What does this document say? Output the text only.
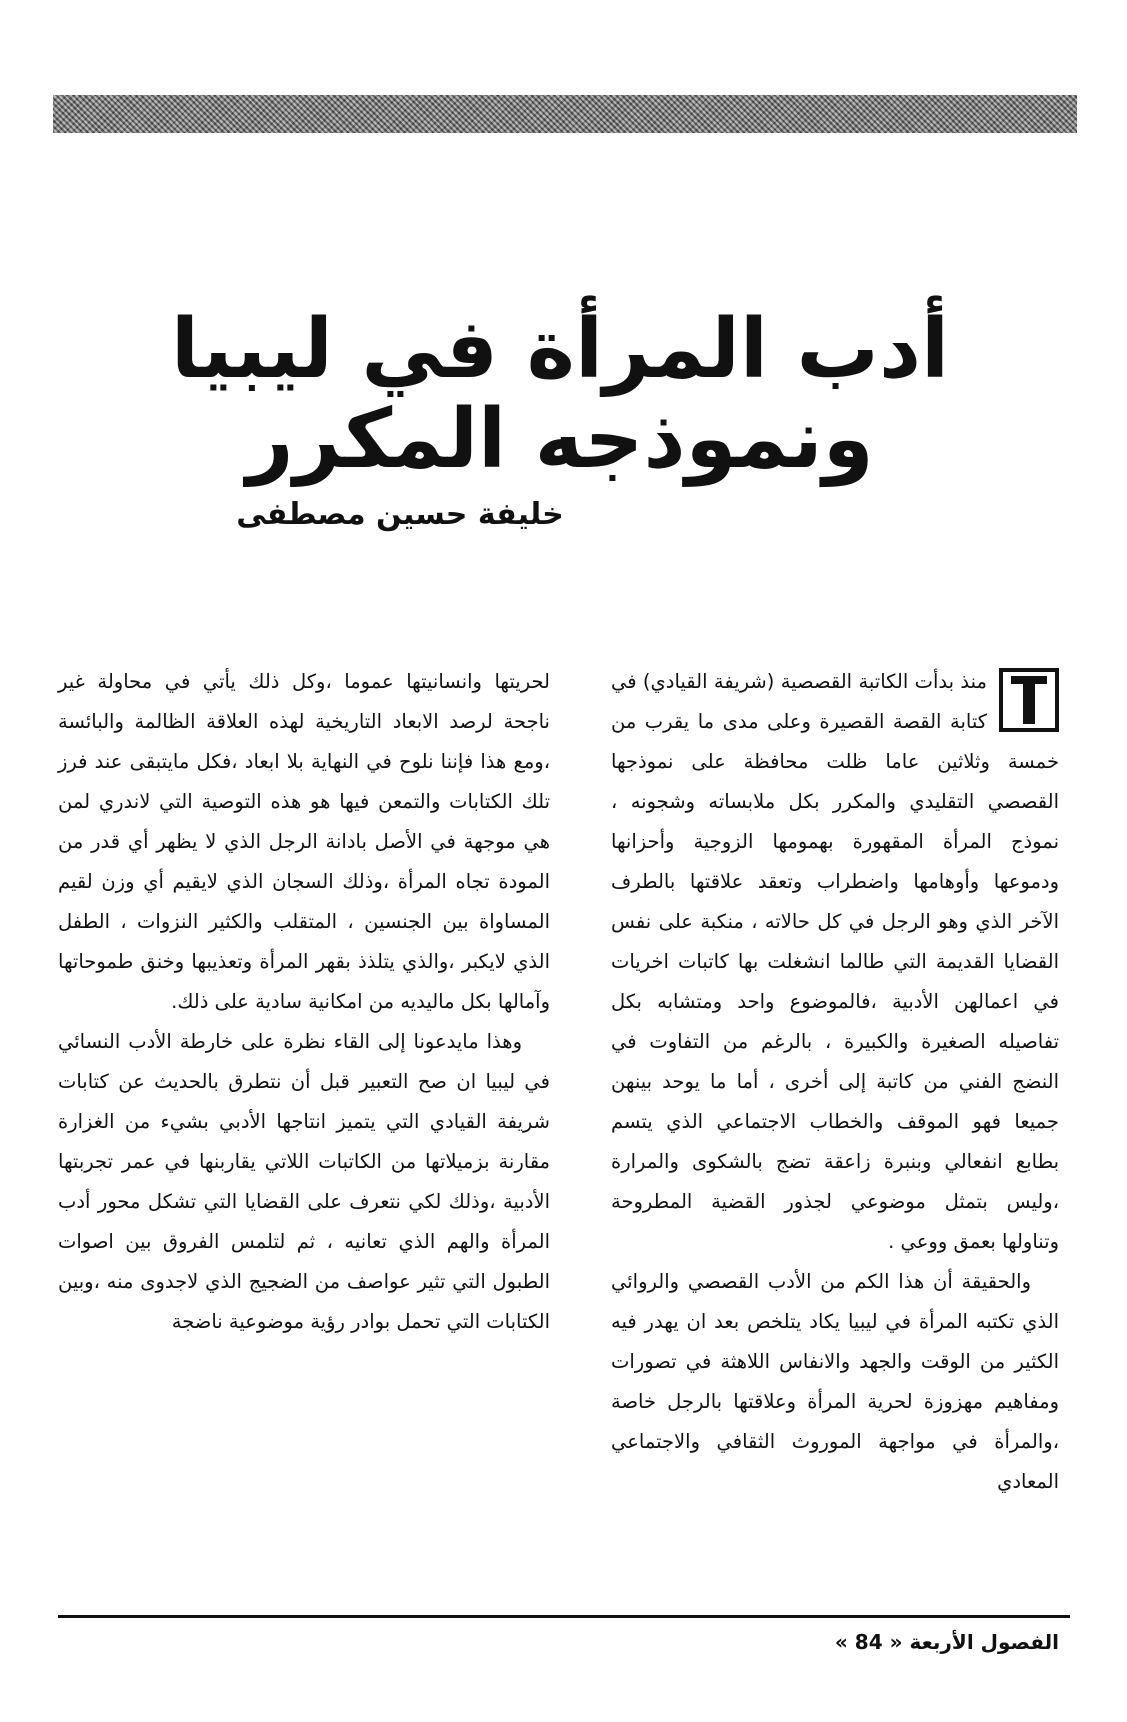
أدب المرأة في ليبيا ونموذجه المكرر
خليفة حسين مصطفى

منذ بدأت الكاتبة القصصية (شريفة القيادي) في كتابة القصة القصيرة وعلى مدى ما يقرب من خمسة وثلاثين عاما ظلت محافظة على نموذجها القصصي التقليدي والمكرر بكل ملابساته وشجونه ، نموذج المرأة المقهورة بهمومها الزوجية وأحزانها ودموعها وأوهامها واضطراب وتعقد علاقتها بالطرف الآخر الذي وهو الرجل في كل حالاته ، منكبة على نفس القضايا القديمة التي طالما انشغلت بها كاتبات اخريات في اعمالهن الأدبية ،فالموضوع واحد ومتشابه بكل تفاصيله الصغيرة والكبيرة ، بالرغم من التفاوت في النضج الفني من كاتبة إلى أخرى ، أما ما يوحد بينهن جميعا فهو الموقف والخطاب الاجتماعي الذي يتسم بطابع انفعالي وبنبرة زاعقة تضج بالشكوى والمرارة ،وليس بتمثل موضوعي لجذور القضية المطروحة وتناولها بعمق ووعي .

والحقيقة أن هذا الكم من الأدب القصصي والروائي الذي تكتبه المرأة في ليبيا يكاد يتلخص بعد ان يهدر فيه الكثير من الوقت والجهد والانفاس اللاهثة في تصورات ومفاهيم مهزوزة لحرية المرأة وعلاقتها بالرجل خاصة ،والمرأة في مواجهة الموروث الثقافي والاجتماعي المعادي

لحريتها وانسانيتها عموما ،وكل ذلك يأتي في محاولة غير ناجحة لرصد الابعاد التاريخية لهذه العلاقة الظالمة والبائسة ،ومع هذا فإننا نلوح في النهاية بلا ابعاد ،فكل مايتبقى عند فرز تلك الكتابات والتمعن فيها هو هذه التوصية التي لاندري لمن هي موجهة في الأصل بادانة الرجل الذي لا يظهر أي قدر من المودة تجاه المرأة ،وذلك السجان الذي لايقيم أي وزن لقيم المساواة بين الجنسين ، المتقلب والكثير النزوات ، الطفل الذي لايكبر ،والذي يتلذذ بقهر المرأة وتعذيبها وخنق طموحاتها وآمالها بكل ماليديه من امكانية سادية على ذلك.

وهذا مايدعونا إلى القاء نظرة على خارطة الأدب النسائي في ليبيا ان صح التعبير قبل أن نتطرق بالحديث عن كتابات شريفة القيادي التي يتميز انتاجها الأدبي بشيء من الغزارة مقارنة بزميلاتها من الكاتبات اللاتي يقاربنها في عمر تجربتها الأدبية ،وذلك لكي نتعرف على القضايا التي تشكل محور أدب المرأة والهم الذي تعانيه ، ثم لتلمس الفروق بين اصوات الطبول التي تثير عواصف من الضجيج الذي لاجدوى منه ،وبين الكتابات التي تحمل بوادر رؤية موضوعية ناضجة

الفصول الأربعة « 84 »
